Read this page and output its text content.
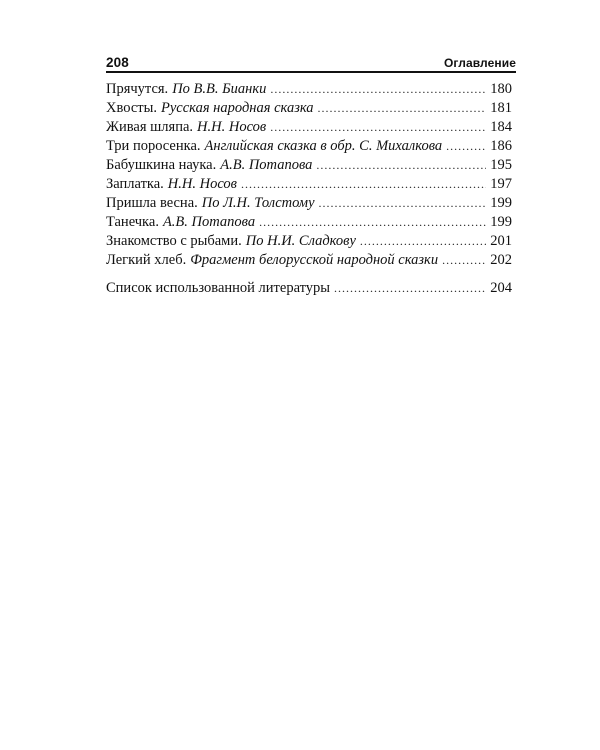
208	Оглавление
Прячутся. По В.В. Бианки .....	180
Хвосты. Русская народная сказка .....	181
Живая шляпа. Н.Н. Носов .....	184
Три поросенка. Английская сказка в обр. С. Михалкова .....	186
Бабушкина наука. А.В. Потапова .....	195
Заплатка. Н.Н. Носов .....	197
Пришла весна. По Л.Н. Толстому .....	199
Танечка. А.В. Потапова .....	199
Знакомство с рыбами. По Н.И. Сладкову .....	201
Легкий хлеб. Фрагмент белорусской народной сказки .....	202
Список использованной литературы .....	204
